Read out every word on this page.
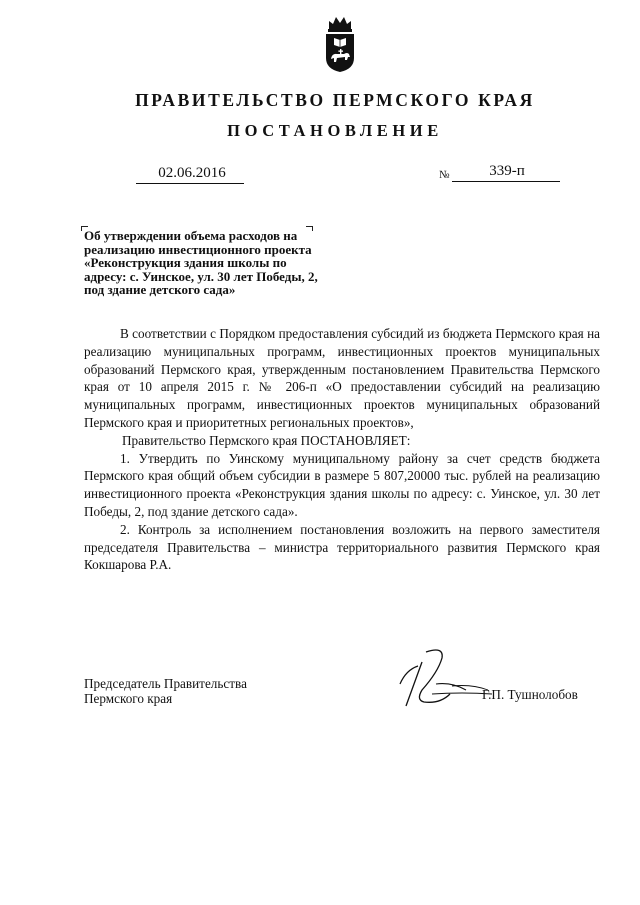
ПРАВИТЕЛЬСТВО ПЕРМСКОГО КРАЯ
ПОСТАНОВЛЕНИЕ
02.06.2016	№	339-п
Об утверждении объема расходов на реализацию инвестиционного проекта «Реконструкция здания школы по адресу: с. Уинское, ул. 30 лет Победы, 2, под здание детского сада»

В соответствии с Порядком предоставления субсидий из бюджета Пермского края на реализацию муниципальных программ, инвестиционных проектов муниципальных образований Пермского края, утвержденным постановлением Правительства Пермского края от 10 апреля 2015 г. № 206-п «О предоставлении субсидий на реализацию муниципальных программ, инвестиционных проектов муниципальных образований Пермского края и приоритетных региональных проектов»,

Правительство Пермского края ПОСТАНОВЛЯЕТ:

1. Утвердить по Уинскому муниципальному району за счет средств бюджета Пермского края общий объем субсидии в размере 5 807,20000 тыс. рублей на реализацию инвестиционного проекта «Реконструкция здания школы по адресу: с. Уинское, ул. 30 лет Победы, 2, под здание детского сада».

2. Контроль за исполнением постановления возложить на первого заместителя председателя Правительства – министра территориального развития Пермского края Кокшарова Р.А.

Председатель Правительства
Пермского края	Г.П. Тушнолобов
